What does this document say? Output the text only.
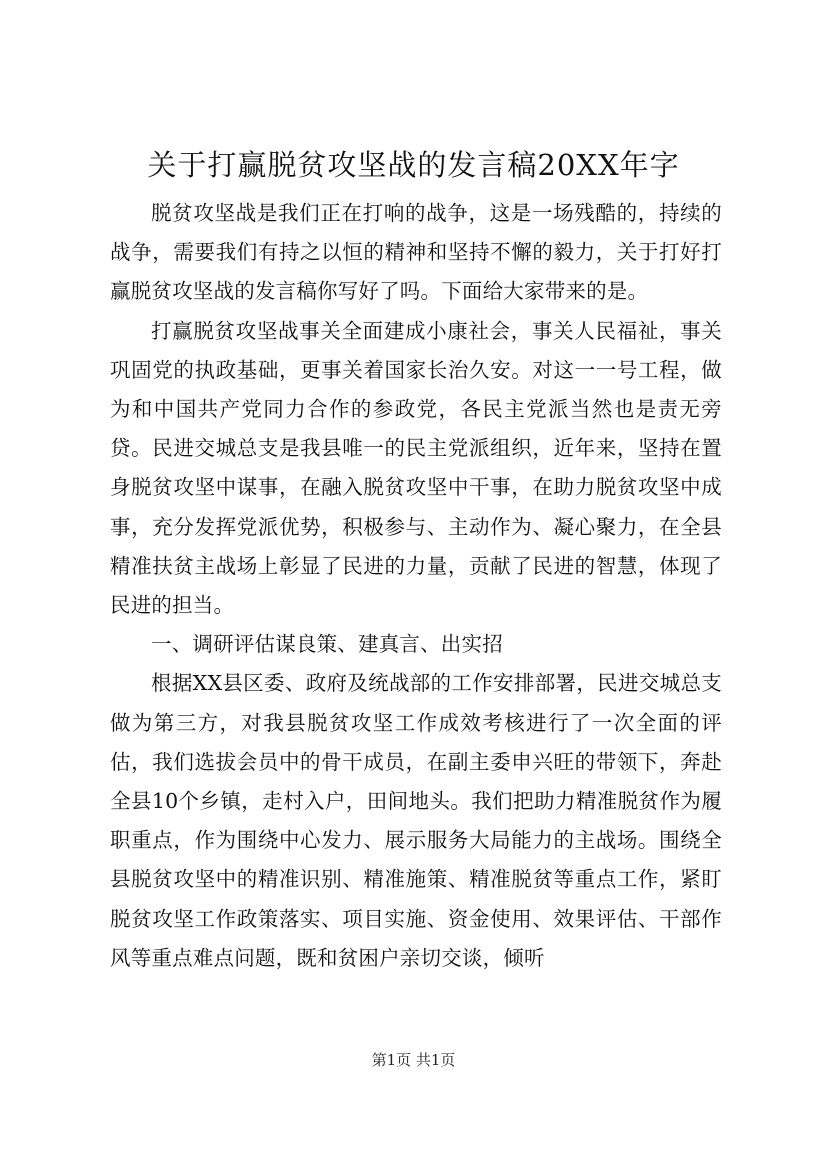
关于打赢脱贫攻坚战的发言稿20XX年字

脱贫攻坚战是我们正在打响的战争，这是一场残酷的，持续的战争，需要我们有持之以恒的精神和坚持不懈的毅力，关于打好打赢脱贫攻坚战的发言稿你写好了吗。下面给大家带来的是。

打赢脱贫攻坚战事关全面建成小康社会，事关人民福祉，事关巩固党的执政基础，更事关着国家长治久安。对这一一号工程，做为和中国共产党同力合作的参政党，各民主党派当然也是责无旁贷。民进交城总支是我县唯一的民主党派组织，近年来，坚持在置身脱贫攻坚中谋事，在融入脱贫攻坚中干事，在助力脱贫攻坚中成事，充分发挥党派优势，积极参与、主动作为、凝心聚力，在全县精准扶贫主战场上彰显了民进的力量，贡献了民进的智慧，体现了民进的担当。

一、调研评估谋良策、建真言、出实招

根据XX县区委、政府及统战部的工作安排部署，民进交城总支做为第三方，对我县脱贫攻坚工作成效考核进行了一次全面的评估，我们选拔会员中的骨干成员，在副主委申兴旺的带领下，奔赴全县10个乡镇，走村入户，田间地头。我们把助力精准脱贫作为履职重点，作为围绕中心发力、展示服务大局能力的主战场。围绕全县脱贫攻坚中的精准识别、精准施策、精准脱贫等重点工作，紧盯脱贫攻坚工作政策落实、项目实施、资金使用、效果评估、干部作风等重点难点问题，既和贫困户亲切交谈，倾听

第1页 共1页
